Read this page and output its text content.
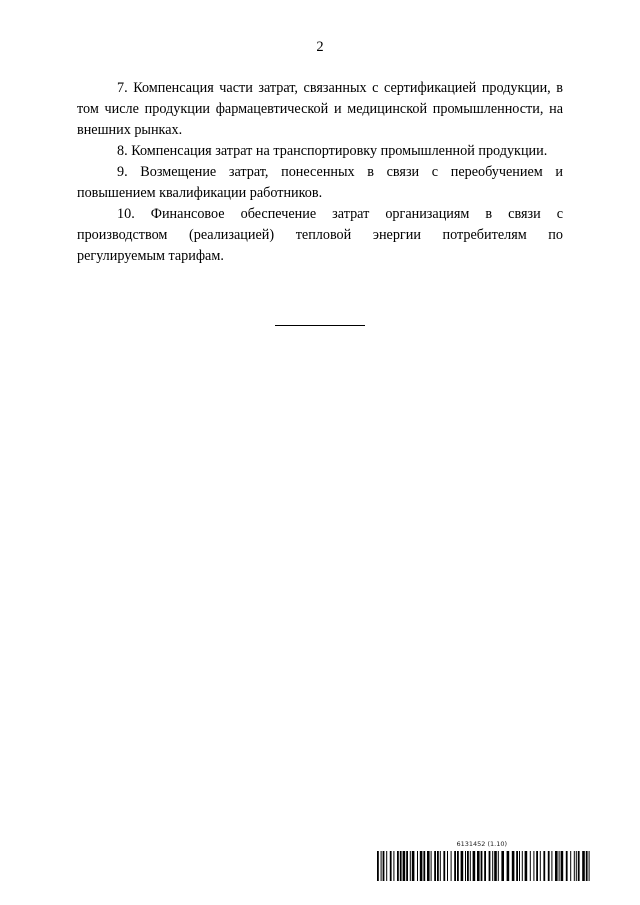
2

7. Компенсация части затрат, связанных с сертификацией продукции, в том числе продукции фармацевтической и медицинской промышленности, на внешних рынках.

8. Компенсация затрат на транспортировку промышленной продукции.

9. Возмещение затрат, понесенных в связи с переобучением и повышением квалификации работников.

10. Финансовое обеспечение затрат организациям в связи с производством (реализацией) тепловой энергии потребителям по регулируемым тарифам.

6131452 (1.10)
